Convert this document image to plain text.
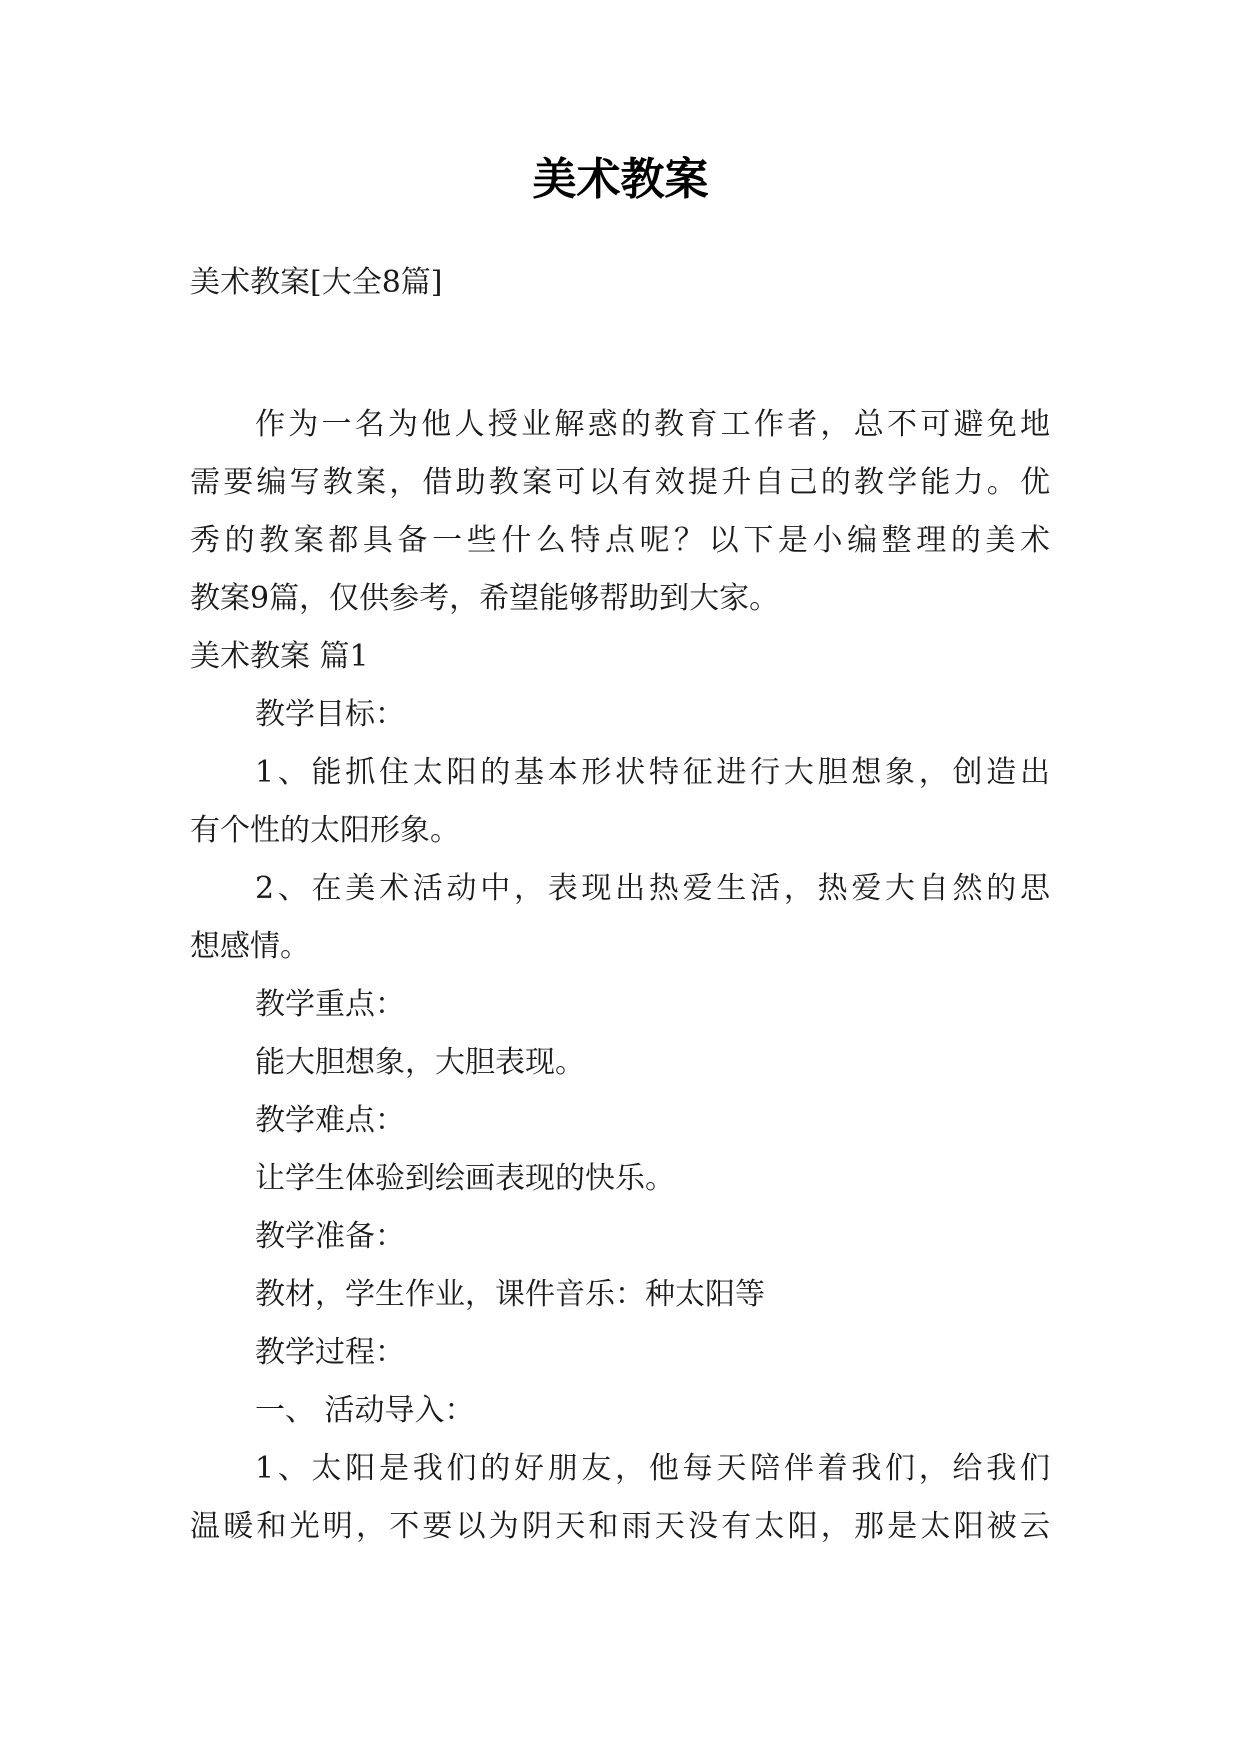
美术教案

美术教案[大全8篇]

作为一名为他人授业解惑的教育工作者，总不可避免地

需要编写教案，借助教案可以有效提升自己的教学能力。优

秀的教案都具备一些什么特点呢？以下是小编整理的美术

教案9篇，仅供参考，希望能够帮助到大家。

美术教案 篇1

教学目标：

1、能抓住太阳的基本形状特征进行大胆想象，创造出

有个性的太阳形象。

2、在美术活动中，表现出热爱生活，热爱大自然的思

想感情。

教学重点：

能大胆想象，大胆表现。

教学难点：

让学生体验到绘画表现的快乐。

教学准备：

教材，学生作业，课件音乐：种太阳等

教学过程：

一、 活动导入：

1、太阳是我们的好朋友，他每天陪伴着我们，给我们

温暖和光明，不要以为阴天和雨天没有太阳，那是太阳被云
